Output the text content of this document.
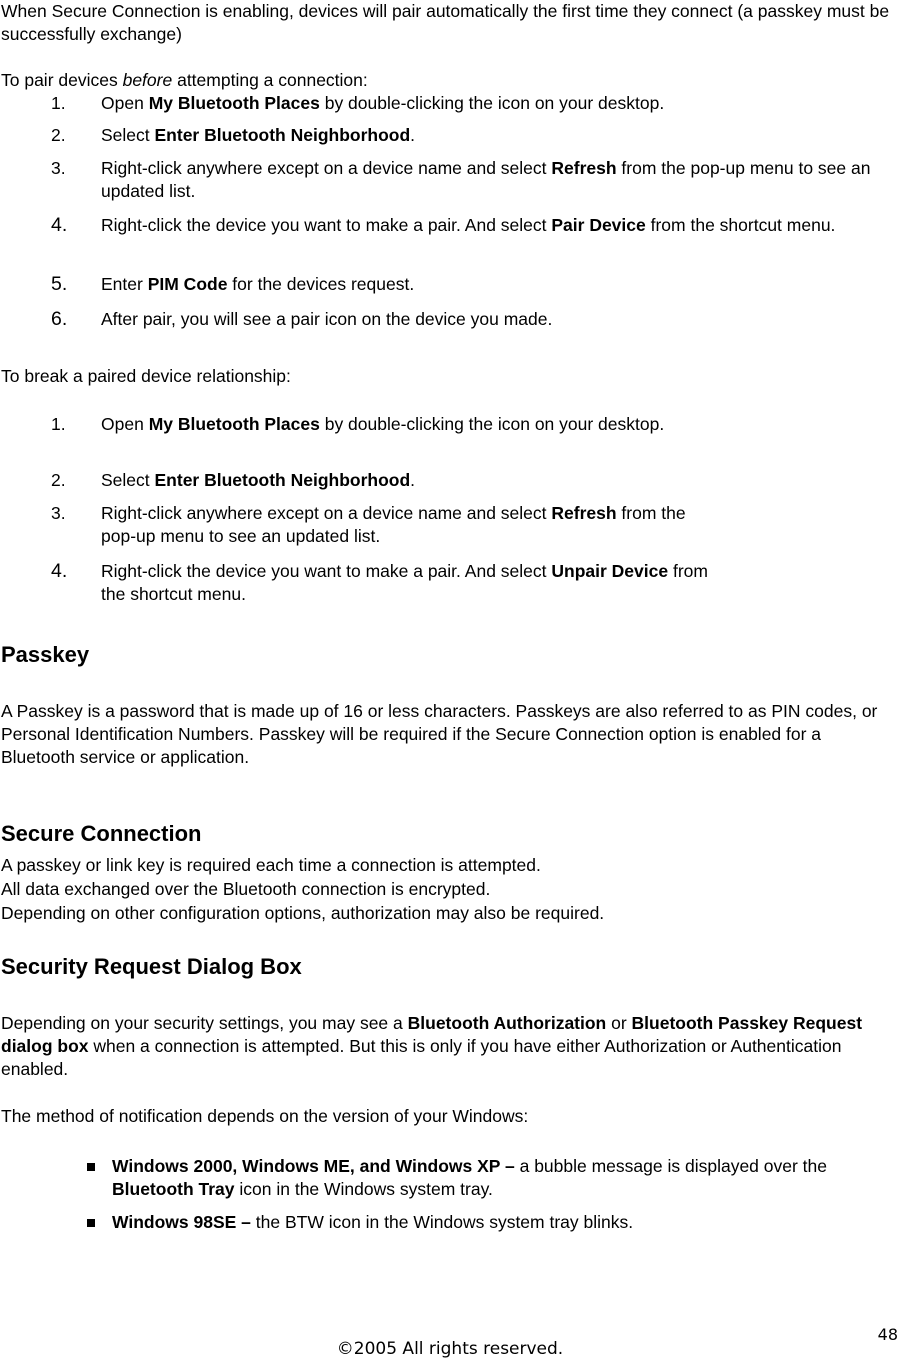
When Secure Connection is enabling, devices will pair automatically the first time they connect (a passkey must be successfully exchange)

To pair devices before attempting a connection:

1.	Open My Bluetooth Places by double-clicking the icon on your desktop.
2.	Select Enter Bluetooth Neighborhood.
3.	Right-click anywhere except on a device name and select Refresh from the pop-up menu to see an updated list.
4.	Right-click the device you want to make a pair. And select Pair Device from the shortcut menu.
5.	Enter PIM Code for the devices request.
6.	After pair, you will see a pair icon on the device you made.

To break a paired device relationship:

1.	Open My Bluetooth Places by double-clicking the icon on your desktop.
2.	Select Enter Bluetooth Neighborhood.
3.	Right-click anywhere except on a device name and select Refresh from the pop-up menu to see an updated list.
4.	Right-click the device you want to make a pair. And select Unpair Device from the shortcut menu.
Passkey

A Passkey is a password that is made up of 16 or less characters. Passkeys are also referred to as PIN codes, or Personal Identification Numbers. Passkey will be required if the Secure Connection option is enabled for a Bluetooth service or application.

Secure Connection

A passkey or link key is required each time a connection is attempted.

All data exchanged over the Bluetooth connection is encrypted.

Depending on other configuration options, authorization may also be required.

Security Request Dialog Box

Depending on your security settings, you may see a Bluetooth Authorization or Bluetooth Passkey Request dialog box when a connection is attempted. But this is only if you have either Authorization or Authentication enabled.

The method of notification depends on the version of your Windows:

Windows 2000, Windows ME, and Windows XP – a bubble message is displayed over the Bluetooth Tray icon in the Windows system tray.
Windows 98SE – the BTW icon in the Windows system tray blinks.
48
©2005 All rights reserved.
